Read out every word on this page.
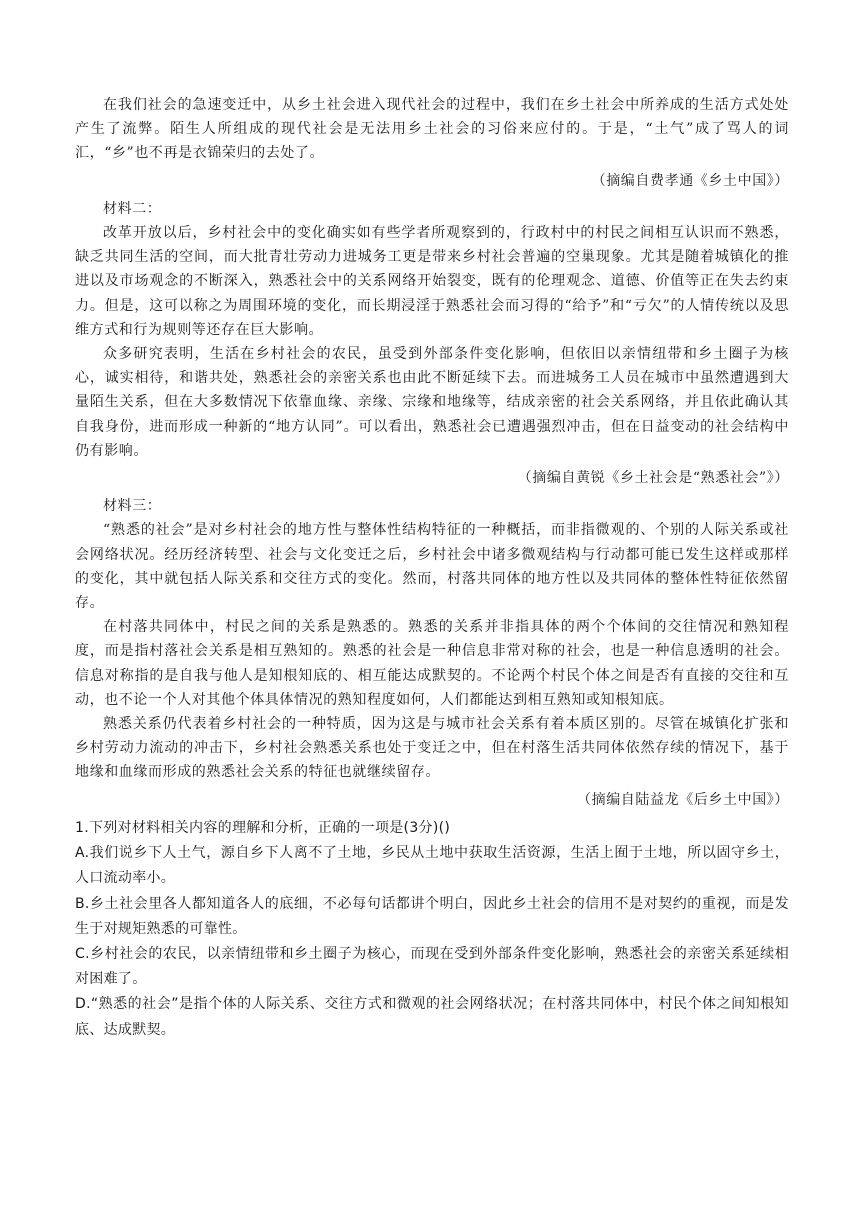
在我们社会的急速变迁中，从乡土社会进入现代社会的过程中，我们在乡土社会中所养成的生活方式处处产生了流弊。陌生人所组成的现代社会是无法用乡土社会的习俗来应付的。于是，“土气”成了骂人的词汇，“乡”也不再是衣锦荣归的去处了。

（摘编自费孝通《乡土中国》）

材料二：

改革开放以后，乡村社会中的变化确实如有些学者所观察到的，行政村中的村民之间相互认识而不熟悉，缺乏共同生活的空间，而大批青壮劳动力进城务工更是带来乡村社会普遍的空巢现象。尤其是随着城镇化的推进以及市场观念的不断深入，熟悉社会中的关系网络开始裂变，既有的伦理观念、道德、价值等正在失去约束力。但是，这可以称之为周围环境的变化，而长期浸淫于熟悉社会而习得的“给予”和“亏欠”的人情传统以及思维方式和行为规则等还存在巨大影响。

众多研究表明，生活在乡村社会的农民，虽受到外部条件变化影响，但依旧以亲情纽带和乡土圈子为核心，诚实相待，和谐共处，熟悉社会的亲密关系也由此不断延续下去。而进城务工人员在城市中虽然遭遇到大量陌生关系，但在大多数情况下依靠血缘、亲缘、宗缘和地缘等，结成亲密的社会关系网络，并且依此确认其自我身份，进而形成一种新的“地方认同”。可以看出，熟悉社会已遭遇强烈冲击，但在日益变动的社会结构中仍有影响。

（摘编自黄锐《乡土社会是“熟悉社会”》）

材料三：

“熟悉的社会”是对乡村社会的地方性与整体性结构特征的一种概括，而非指微观的、个别的人际关系或社会网络状况。经历经济转型、社会与文化变迁之后，乡村社会中诸多微观结构与行动都可能已发生这样或那样的变化，其中就包括人际关系和交往方式的变化。然而，村落共同体的地方性以及共同体的整体性特征依然留存。

在村落共同体中，村民之间的关系是熟悉的。熟悉的关系并非指具体的两个个体间的交往情况和熟知程度，而是指村落社会关系是相互熟知的。熟悉的社会是一种信息非常对称的社会，也是一种信息透明的社会。信息对称指的是自我与他人是知根知底的、相互能达成默契的。不论两个村民个体之间是否有直接的交往和互动，也不论一个人对其他个体具体情况的熟知程度如何，人们都能达到相互熟知或知根知底。

熟悉关系仍代表着乡村社会的一种特质，因为这是与城市社会关系有着本质区别的。尽管在城镇化扩张和乡村劳动力流动的冲击下，乡村社会熟悉关系也处于变迁之中，但在村落生活共同体依然存续的情况下，基于地缘和血缘而形成的熟悉社会关系的特征也就继续留存。

（摘编自陆益龙《后乡土中国》）

1.下列对材料相关内容的理解和分析，正确的一项是(3分)()

A.我们说乡下人土气，源自乡下人离不了土地，乡民从土地中获取生活资源，生活上囿于土地，所以固守乡土，人口流动率小。

B.乡土社会里各人都知道各人的底细，不必每句话都讲个明白，因此乡土社会的信用不是对契约的重视，而是发生于对规矩熟悉的可靠性。

C.乡村社会的农民，以亲情纽带和乡土圈子为核心，而现在受到外部条件变化影响，熟悉社会的亲密关系延续相对困难了。

D.“熟悉的社会”是指个体的人际关系、交往方式和微观的社会网络状况；在村落共同体中，村民个体之间知根知底、达成默契。
